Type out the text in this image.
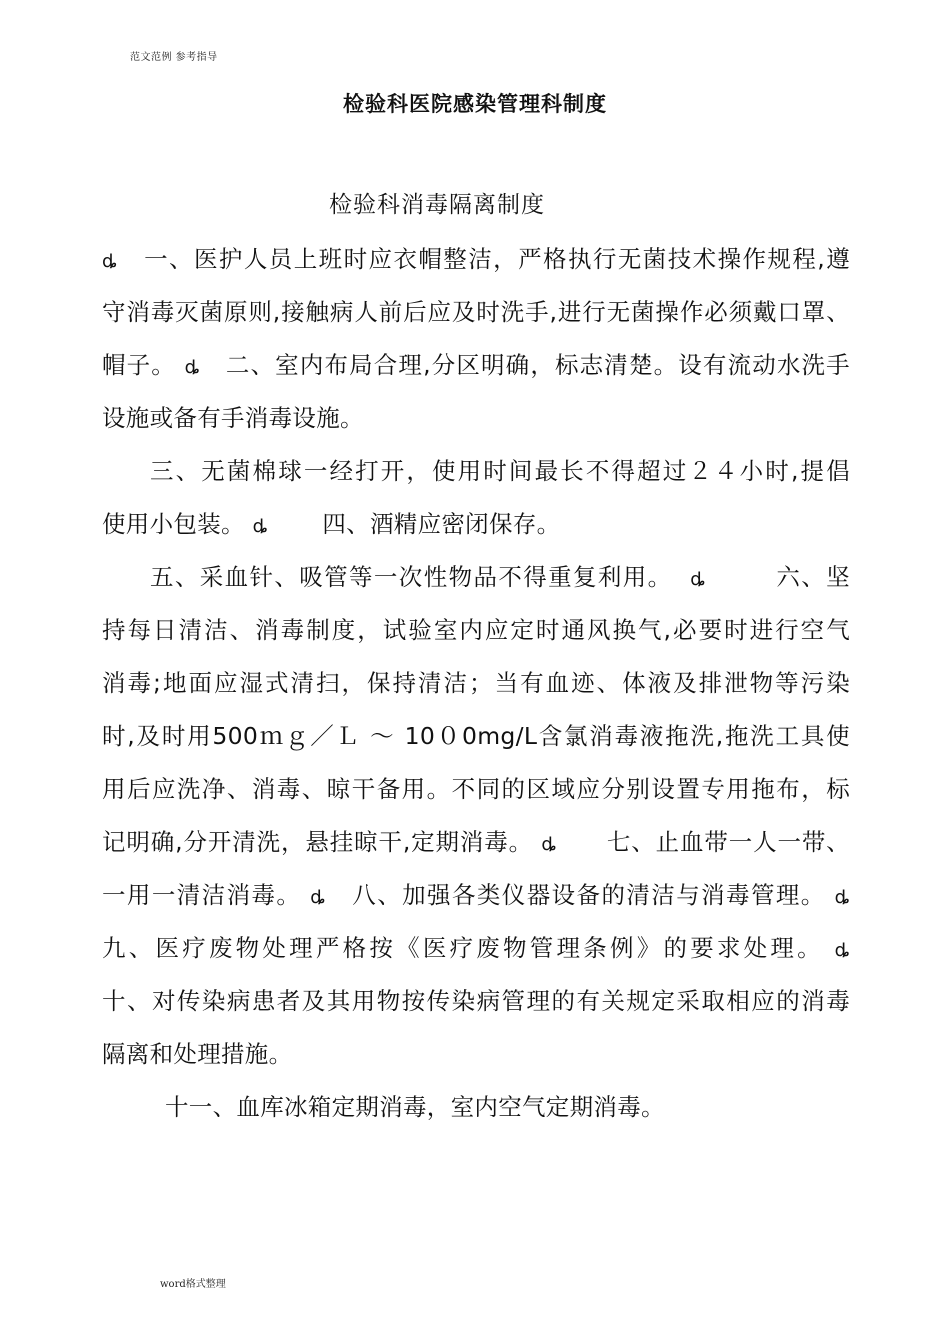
范文范例 参考指导
检验科医院感染管理科制度
检验科消毒隔离制度
ȡ 一、医护人员上班时应衣帽整洁，严格执行无菌技术操作规程,遵
守消毒灭菌原则,接触病人前后应及时洗手,进行无菌操作必须戴口罩、
帽子。 ȡ 二、室内布局合理,分区明确，标志清楚。设有流动水洗手
设施或备有手消毒设施。
三、无菌棉球一经打开，使用时间最长不得超过２４小时,提倡
使用小包装。 ȡ 四、酒精应密闭保存。
五、采血针、吸管等一次性物品不得重复利用。 ȡ	六、坚
持每日清洁、消毒制度，试验室内应定时通风换气,必要时进行空气
消毒;地面应湿式清扫，保持清洁；当有血迹、体液及排泄物等污染
时,及时用500ｍｇ／Ｌ ～ 10０0mg/L含氯消毒液拖洗,拖洗工具使
用后应洗净、消毒、晾干备用。不同的区域应分别设置专用拖布，标
记明确,分开清洗，悬挂晾干,定期消毒。 ȡ 七、止血带一人一带、
一用一清洁消毒。 ȡ 八、加强各类仪器设备的清洁与消毒管理。 ȡ
九、医疗废物处理严格按《医疗废物管理条例》的要求处理。 ȡ
十、对传染病患者及其用物按传染病管理的有关规定采取相应的消毒
隔离和处理措施。
十一、血库冰箱定期消毒，室内空气定期消毒。
word格式整理
